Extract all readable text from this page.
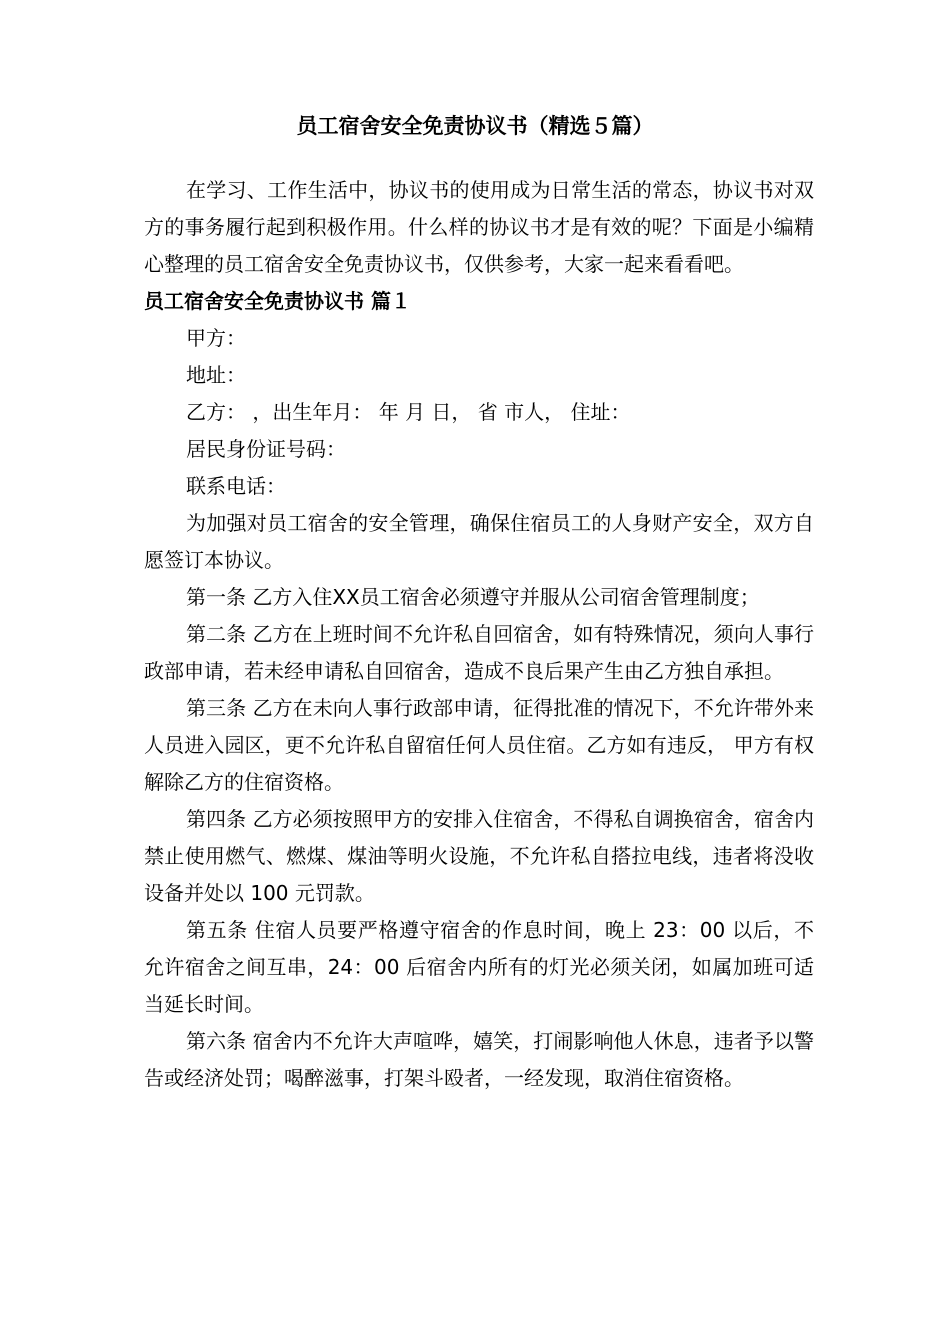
员工宿舍安全免责协议书（精选５篇）

在学习、工作生活中，协议书的使用成为日常生活的常态，协议书对双方的事务履行起到积极作用。什么样的协议书才是有效的呢？下面是小编精心整理的员工宿舍安全免责协议书，仅供参考，大家一起来看看吧。

员工宿舍安全免责协议书 篇１

甲方：

地址：

乙方： ，出生年月： 年 月 日， 省 市人， 住址：

居民身份证号码：

联系电话：

为加强对员工宿舍的安全管理，确保住宿员工的人身财产安全，双方自愿签订本协议。

第一条 乙方入住XX员工宿舍必须遵守并服从公司宿舍管理制度；

第二条 乙方在上班时间不允许私自回宿舍，如有特殊情况，须向人事行政部申请，若未经申请私自回宿舍，造成不良后果产生由乙方独自承担。

第三条 乙方在未向人事行政部申请，征得批准的情况下，不允许带外来人员进入园区，更不允许私自留宿任何人员住宿。乙方如有违反， 甲方有权解除乙方的住宿资格。

第四条 乙方必须按照甲方的安排入住宿舍，不得私自调换宿舍，宿舍内禁止使用燃气、燃煤、煤油等明火设施，不允许私自搭拉电线，违者将没收设备并处以 100 元罚款。

第五条 住宿人员要严格遵守宿舍的作息时间，晚上 23：00 以后，不允许宿舍之间互串，24：00 后宿舍内所有的灯光必须关闭，如属加班可适当延长时间。

第六条 宿舍内不允许大声喧哗，嬉笑，打闹影响他人休息，违者予以警告或经济处罚；喝醉滋事，打架斗殴者，一经发现，取消住宿资格。
